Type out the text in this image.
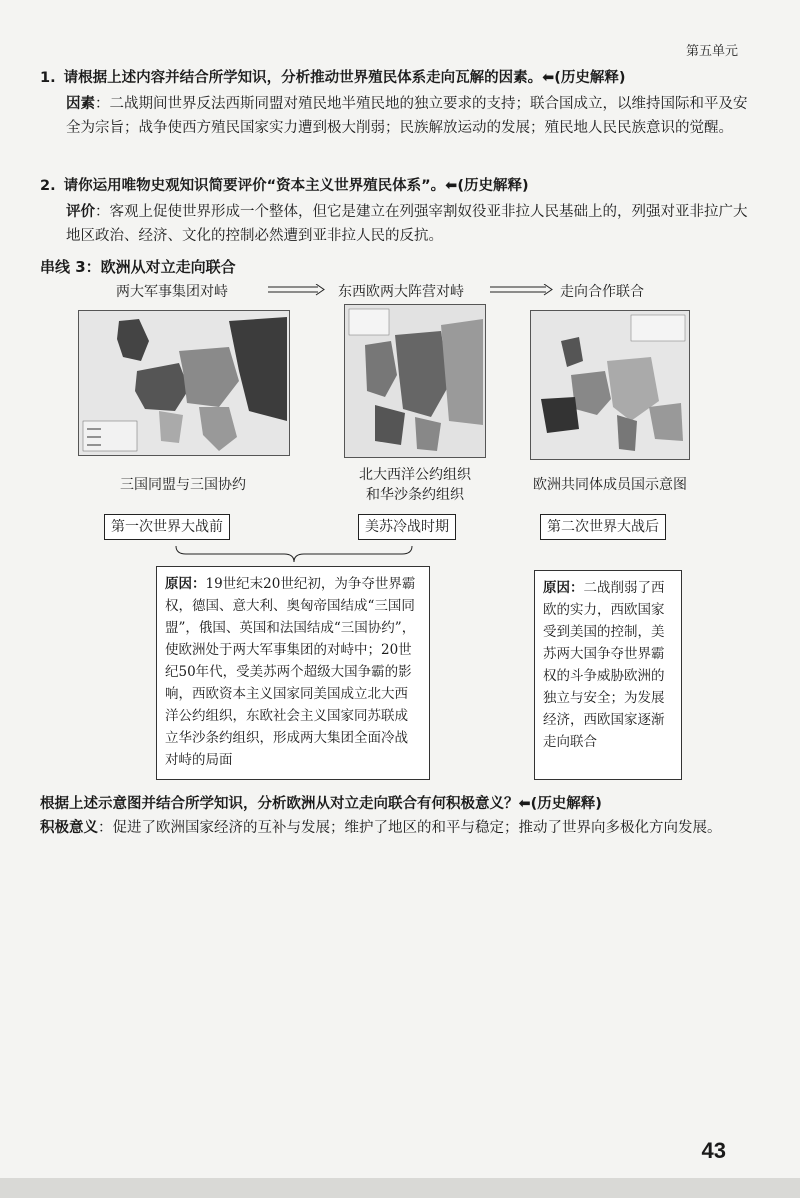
第五单元
1. 请根据上述内容并结合所学知识，分析推动世界殖民体系走向瓦解的因素。⬅(历史解释)
因素：二战期间世界反法西斯同盟对殖民地半殖民地的独立要求的支持；联合国成立，以维持国际和平及安全为宗旨；战争使西方殖民国家实力遭到极大削弱；民族解放运动的发展；殖民地人民民族意识的觉醒。
2. 请你运用唯物史观知识简要评价“资本主义世界殖民体系”。⬅(历史解释)
评价：客观上促使世界形成一个整体，但它是建立在列强宰割奴役亚非拉人民基础上的，列强对亚非拉广大地区政治、经济、文化的控制必然遭到亚非拉人民的反抗。
串线 3：欧洲从对立走向联合
两大军事集团对峙	东西欧两大阵营对峙	走向合作联合
三国同盟与三国协约
北大西洋公约组织
和华沙条约组织
欧洲共同体成员国示意图
第一次世界大战前	美苏冷战时期	第二次世界大战后
原因：19世纪末20世纪初，为争夺世界霸权，德国、意大利、奥匈帝国结成“三国同盟”，俄国、英国和法国结成“三国协约”，使欧洲处于两大军事集团的对峙中；20世纪50年代，受美苏两个超级大国争霸的影响，西欧资本主义国家同美国成立北大西洋公约组织，东欧社会主义国家同苏联成立华沙条约组织，形成两大集团全面冷战对峙的局面
原因：二战削弱了西欧的实力，西欧国家受到美国的控制，美苏两大国争夺世界霸权的斗争威胁欧洲的独立与安全；为发展经济，西欧国家逐渐走向联合
根据上述示意图并结合所学知识，分析欧洲从对立走向联合有何积极意义？⬅(历史解释)
积极意义：促进了欧洲国家经济的互补与发展；维护了地区的和平与稳定；推动了世界向多极化方向发展。
43
